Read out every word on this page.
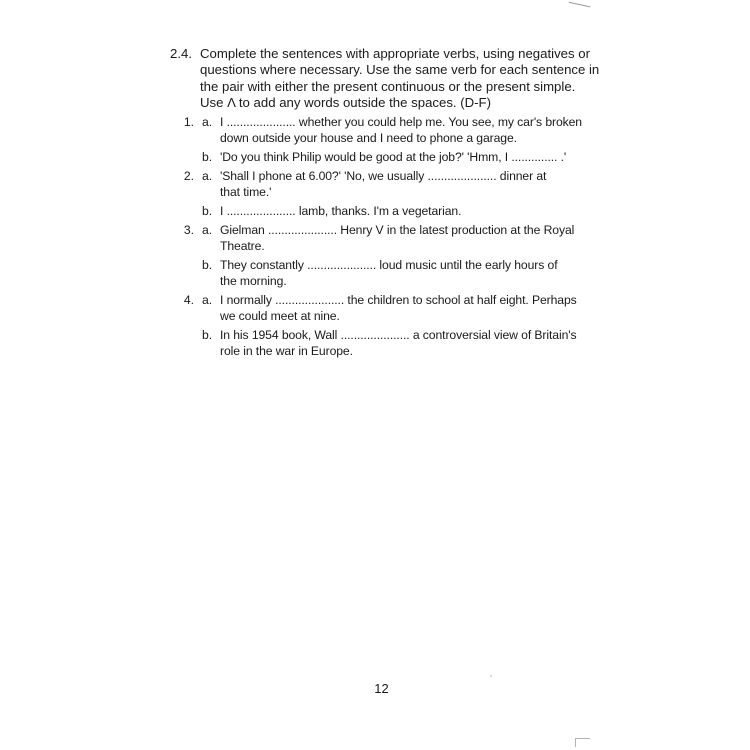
2.4. Complete the sentences with appropriate verbs, using negatives or
questions where necessary. Use the same verb for each sentence in
the pair with either the present continuous or the present simple.
Use Λ to add any words outside the spaces. (D-F)
1. a. I ..................... whether you could help me. You see, my car's broken
down outside your house and I need to phone a garage.
b. 'Do you think Philip would be good at the job?' 'Hmm, I .............. .'
2. a. 'Shall I phone at 6.00?' 'No, we usually ..................... dinner at
that time.'
b. I ..................... lamb, thanks. I'm a vegetarian.
3. a. Gielman ..................... Henry V in the latest production at the Royal
Theatre.
b. They constantly ..................... loud music until the early hours of
the morning.
4. a. I normally ..................... the children to school at half eight. Perhaps
we could meet at nine.
b. In his 1954 book, Wall ..................... a controversial view of Britain's
role in the war in Europe.
12
